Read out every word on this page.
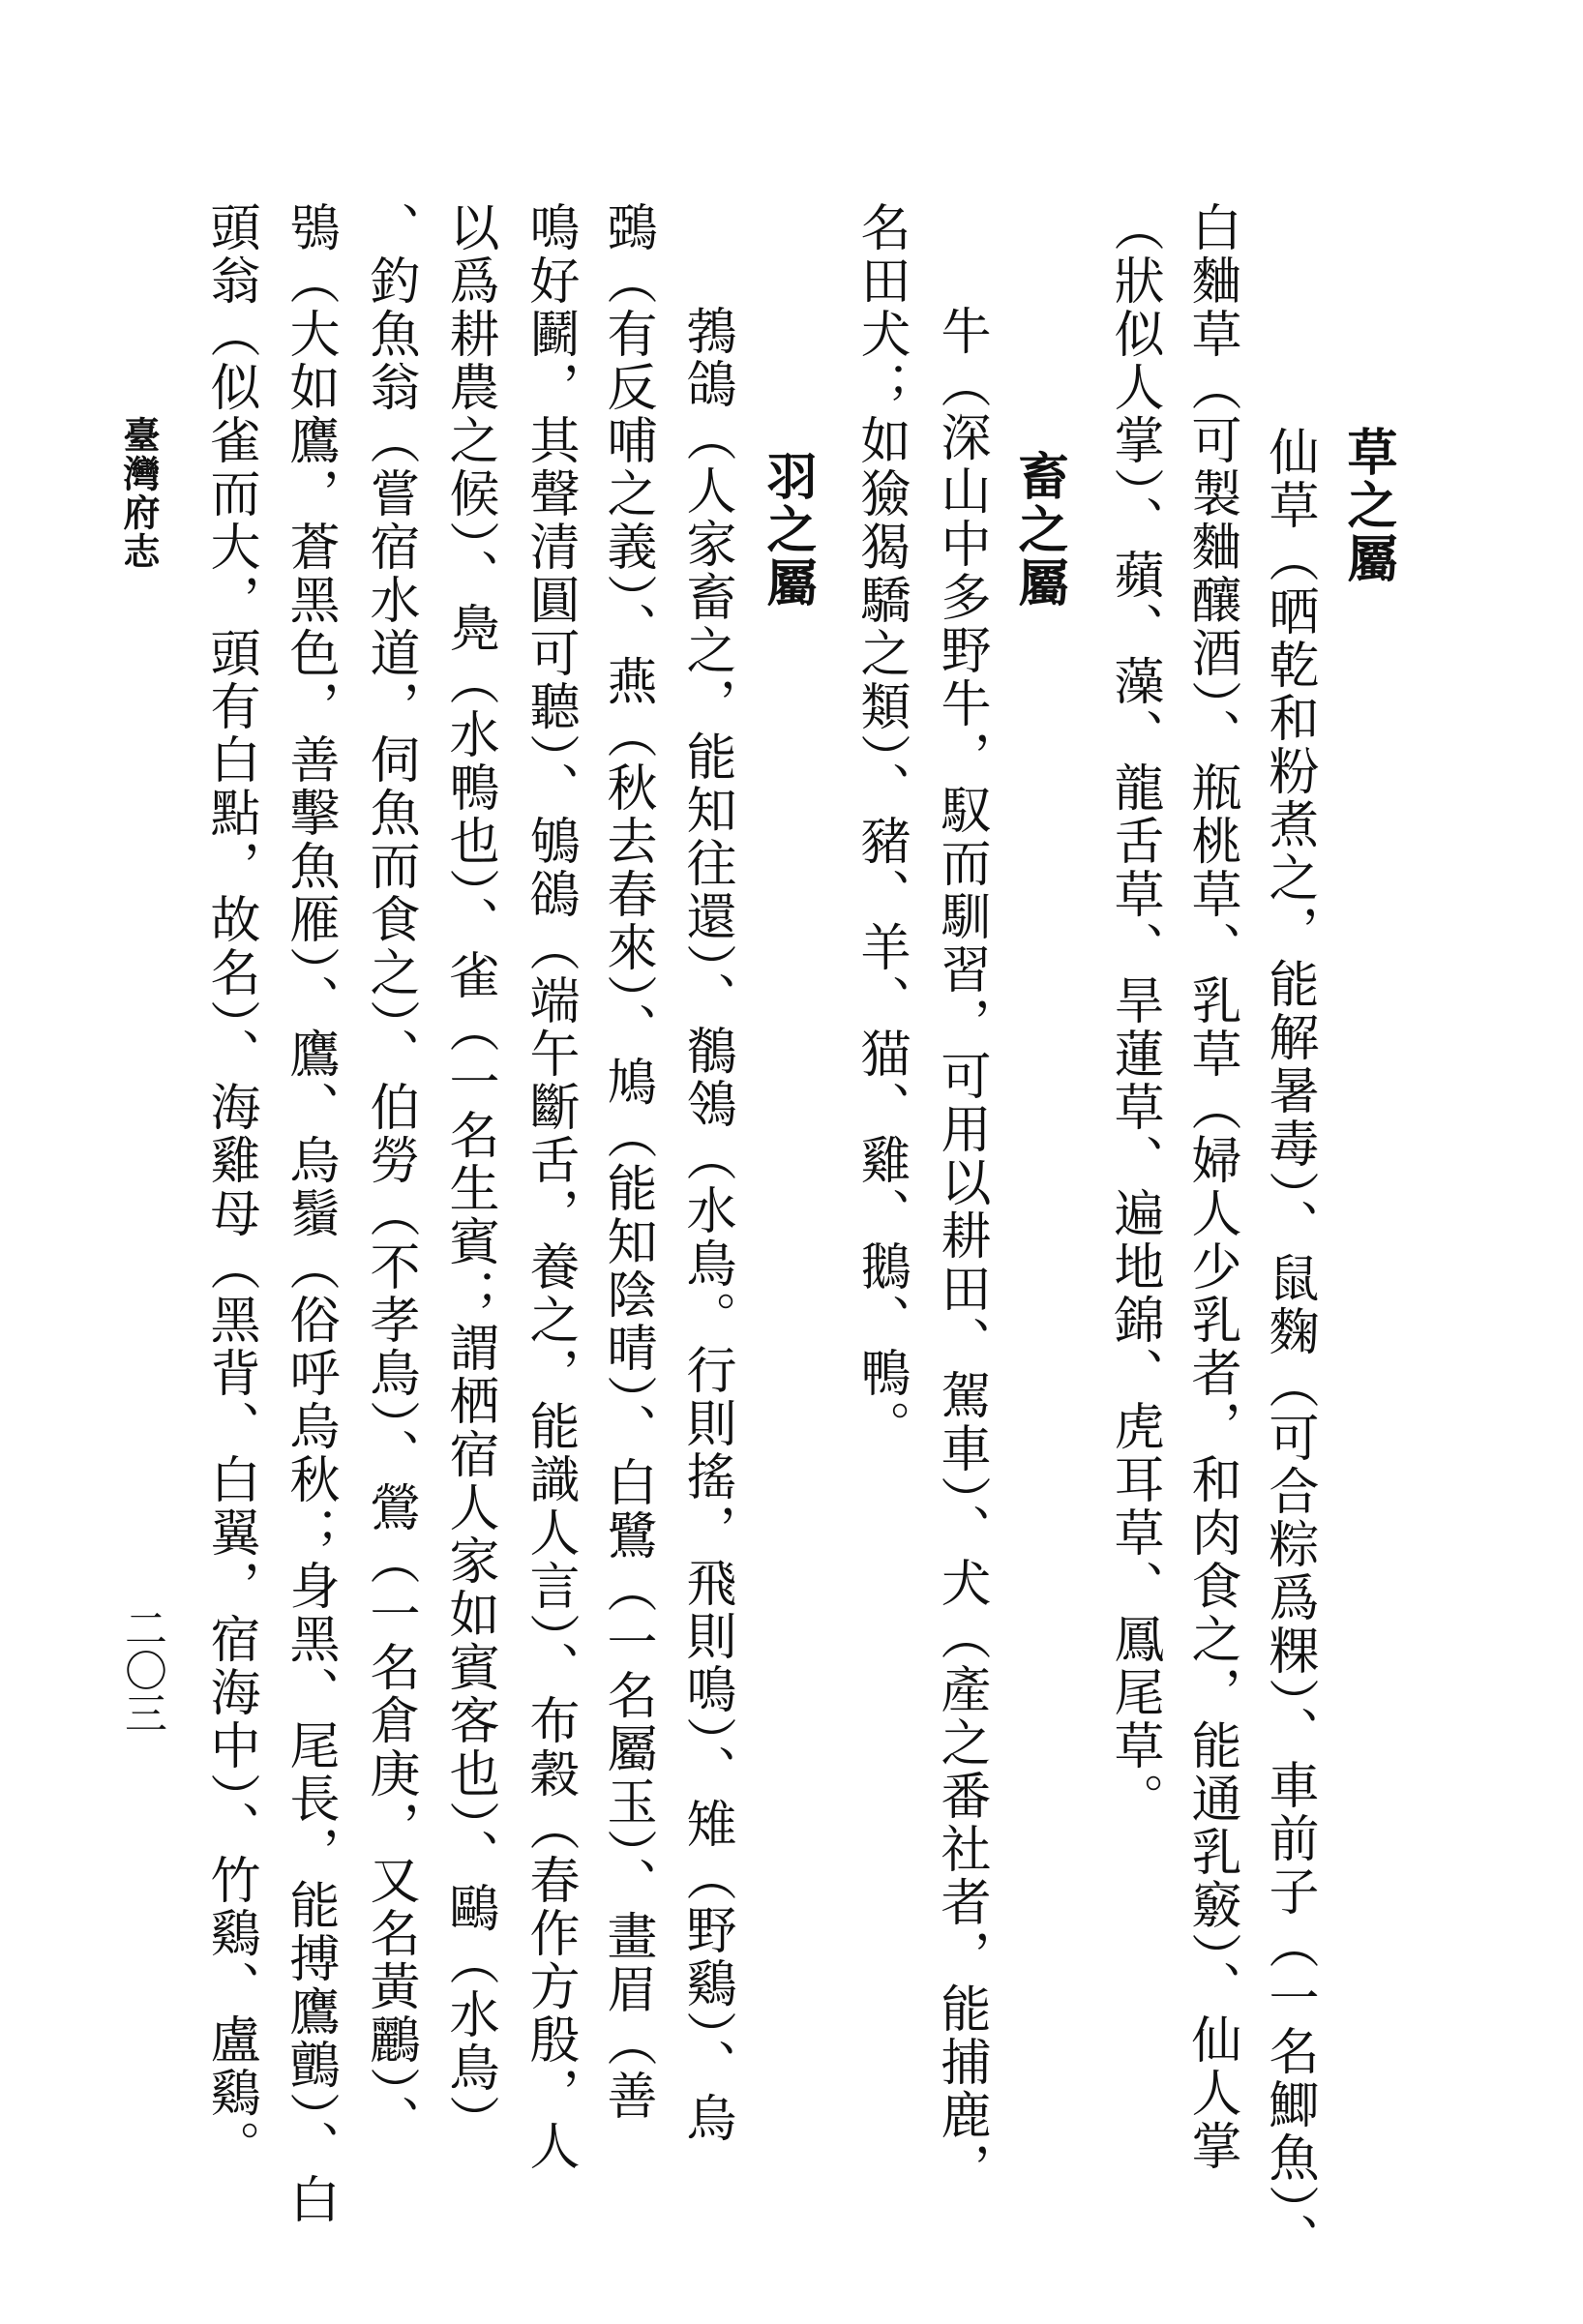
草之屬
仙草（晒乾和粉煮之，能解暑毒）、鼠麴（可合粽爲粿）、車前子（一名鯽魚）、
白麯草（可製麯釀酒）、瓶桃草、乳草（婦人少乳者，和肉食之，能通乳竅）、仙人掌
（狀似人掌）、蘋、藻、龍舌草、旱蓮草、遍地錦、虎耳草、鳳尾草。
畜之屬
牛（深山中多野牛，馭而馴習，可用以耕田、駕車）、犬（產之番社者，能捕鹿，
名田犬；如獫猲驕之類）、豬、羊、猫、雞、鵝、鴨。
羽之屬
鵓鴿（人家畜之，能知往還）、鶺鴒（水鳥。行則搖，飛則鳴）、雉（野鷄）、烏
鵶（有反哺之義）、燕（秋去春來）、鳩（能知陰晴）、白鷺（一名屬玉）、畫眉（善
鳴好鬬，其聲清圓可聽）、鴝鵒（端午斷舌，養之，能識人言）、布穀（春作方殷，人
以爲耕農之候）、鳧（水鴨也）、雀（一名生賓；謂栖宿人家如賓客也）、鷗（水鳥）
、釣魚翁（嘗宿水道，伺魚而食之）、伯勞（不孝鳥）、鶯（一名倉庚，又名黃鸝）、
鴞（大如鷹，蒼黑色，善擊魚雁）、鷹、烏鬚（俗呼烏秋；身黑、尾長，能搏鷹鸇）、白
頭翁（似雀而大，頭有白點，故名）、海雞母（黑背、白翼，宿海中）、竹鷄、盧鷄。
臺灣府志
二〇三
